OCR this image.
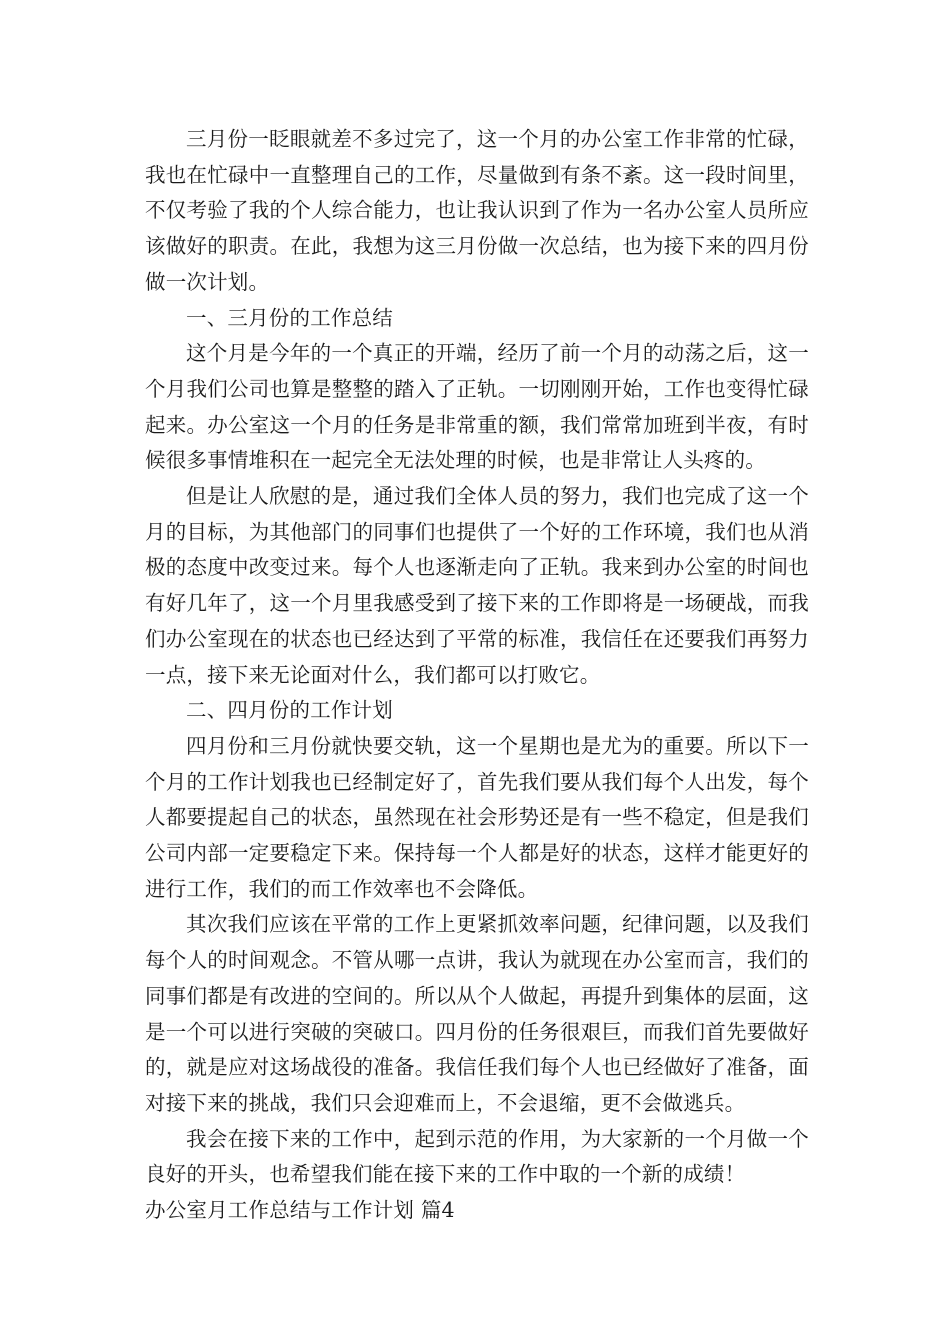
三月份一眨眼就差不多过完了，这一个月的办公室工作非常的忙碌，我也在忙碌中一直整理自己的工作，尽量做到有条不紊。这一段时间里，不仅考验了我的个人综合能力，也让我认识到了作为一名办公室人员所应该做好的职责。在此，我想为这三月份做一次总结，也为接下来的四月份做一次计划。

一、三月份的工作总结

这个月是今年的一个真正的开端，经历了前一个月的动荡之后，这一个月我们公司也算是整整的踏入了正轨。一切刚刚开始，工作也变得忙碌起来。办公室这一个月的任务是非常重的额，我们常常加班到半夜，有时候很多事情堆积在一起完全无法处理的时候，也是非常让人头疼的。

但是让人欣慰的是，通过我们全体人员的努力，我们也完成了这一个月的目标，为其他部门的同事们也提供了一个好的工作环境，我们也从消极的态度中改变过来。每个人也逐渐走向了正轨。我来到办公室的时间也有好几年了，这一个月里我感受到了接下来的工作即将是一场硬战，而我们办公室现在的状态也已经达到了平常的标准，我信任在还要我们再努力一点，接下来无论面对什么，我们都可以打败它。

二、四月份的工作计划

四月份和三月份就快要交轨，这一个星期也是尤为的重要。所以下一个月的工作计划我也已经制定好了，首先我们要从我们每个人出发，每个人都要提起自己的状态，虽然现在社会形势还是有一些不稳定，但是我们公司内部一定要稳定下来。保持每一个人都是好的状态，这样才能更好的进行工作，我们的而工作效率也不会降低。

其次我们应该在平常的工作上更紧抓效率问题，纪律问题，以及我们每个人的时间观念。不管从哪一点讲，我认为就现在办公室而言，我们的同事们都是有改进的空间的。所以从个人做起，再提升到集体的层面，这是一个可以进行突破的突破口。四月份的任务很艰巨，而我们首先要做好的，就是应对这场战役的准备。我信任我们每个人也已经做好了准备，面对接下来的挑战，我们只会迎难而上，不会退缩，更不会做逃兵。

我会在接下来的工作中，起到示范的作用，为大家新的一个月做一个良好的开头，也希望我们能在接下来的工作中取的一个新的成绩！

办公室月工作总结与工作计划 篇4
